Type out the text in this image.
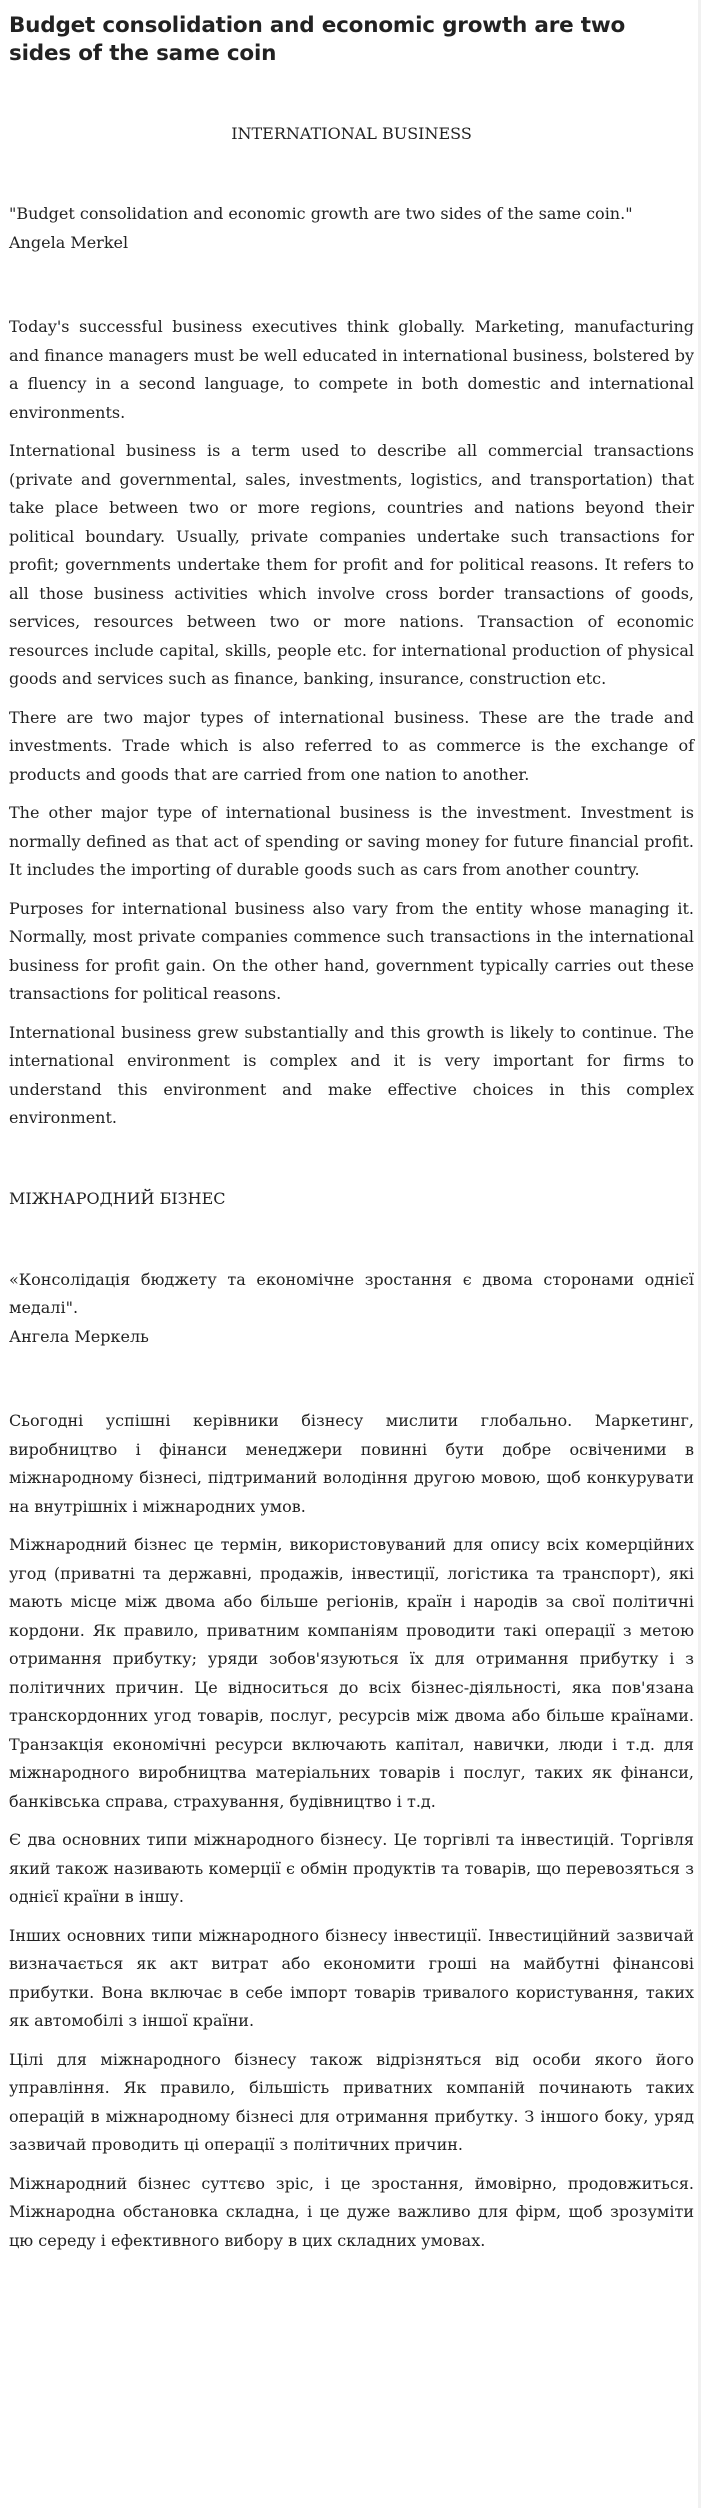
Budget consolidation and economic growth are two sides of the same coin
INTERNATIONAL BUSINESS

"Budget consolidation and economic growth are two sides of the same coin."

Angela Merkel

Today's successful business executives think globally. Marketing, manufacturing and finance managers must be well educated in international business, bolstered by a fluency in a second language, to compete in both domestic and international environments.

International business is a term used to describe all commercial transactions (private and governmental, sales, investments, logistics, and transportation) that take place between two or more regions, countries and nations beyond their political boundary. Usually, private companies undertake such transactions for profit; governments undertake them for profit and for political reasons. It refers to all those business activities which involve cross border transactions of goods, services, resources between two or more nations. Transaction of economic resources include capital, skills, people etc. for international production of physical goods and services such as finance, banking, insurance, construction etc.

There are two major types of international business. These are the trade and investments. Trade which is also referred to as commerce is the exchange of products and goods that are carried from one nation to another.

The other major type of international business is the investment. Investment is normally defined as that act of spending or saving money for future financial profit. It includes the importing of durable goods such as cars from another country.

Purposes for international business also vary from the entity whose managing it. Normally, most private companies commence such transactions in the international business for profit gain. On the other hand, government typically carries out these transactions for political reasons.

International business grew substantially and this growth is likely to continue. The international environment is complex and it is very important for firms to understand this environment and make effective choices in this complex environment.

МІЖНАРОДНИЙ БІЗНЕС

«Консолідація бюджету та економічне зростання є двома сторонами однієї медалі".

Ангела Меркель

Сьогодні успішні керівники бізнесу мислити глобально. Маркетинг, виробництво і фінанси менеджери повинні бути добре освіченими в міжнародному бізнесі, підтриманий володіння другою мовою, щоб конкурувати на внутрішніх і міжнародних умов.

Міжнародний бізнес це термін, використовуваний для опису всіх комерційних угод (приватні та державні, продажів, інвестиції, логістика та транспорт), які мають місце між двома або більше регіонів, країн і народів за свої політичні кордони. Як правило, приватним компаніям проводити такі операції з метою отримання прибутку; уряди зобов'язуються їх для отримання прибутку і з політичних причин. Це відноситься до всіх бізнес-діяльності, яка пов'язана транскордонних угод товарів, послуг, ресурсів між двома або більше країнами. Транзакція економічні ресурси включають капітал, навички, люди і т.д. для міжнародного виробництва матеріальних товарів і послуг, таких як фінанси, банківська справа, страхування, будівництво і т.д.

Є два основних типи міжнародного бізнесу. Це торгівлі та інвестицій. Торгівля який також називають комерції є обмін продуктів та товарів, що перевозяться з однієї країни в іншу.

Інших основних типи міжнародного бізнесу інвестиції. Інвестиційний зазвичай визначається як акт витрат або економити гроші на майбутні фінансові прибутки. Вона включає в себе імпорт товарів тривалого користування, таких як автомобілі з іншої країни.

Цілі для міжнародного бізнесу також відрізняться від особи якого його управління. Як правило, більшість приватних компаній починають таких операцій в міжнародному бізнесі для отримання прибутку. З іншого боку, уряд зазвичай проводить ці операції з політичних причин.

Міжнародний бізнес суттєво зріс, і це зростання, ймовірно, продовжиться. Міжнародна обстановка складна, і це дуже важливо для фірм, щоб зрозуміти цю середу і ефективного вибору в цих складних умовах.
